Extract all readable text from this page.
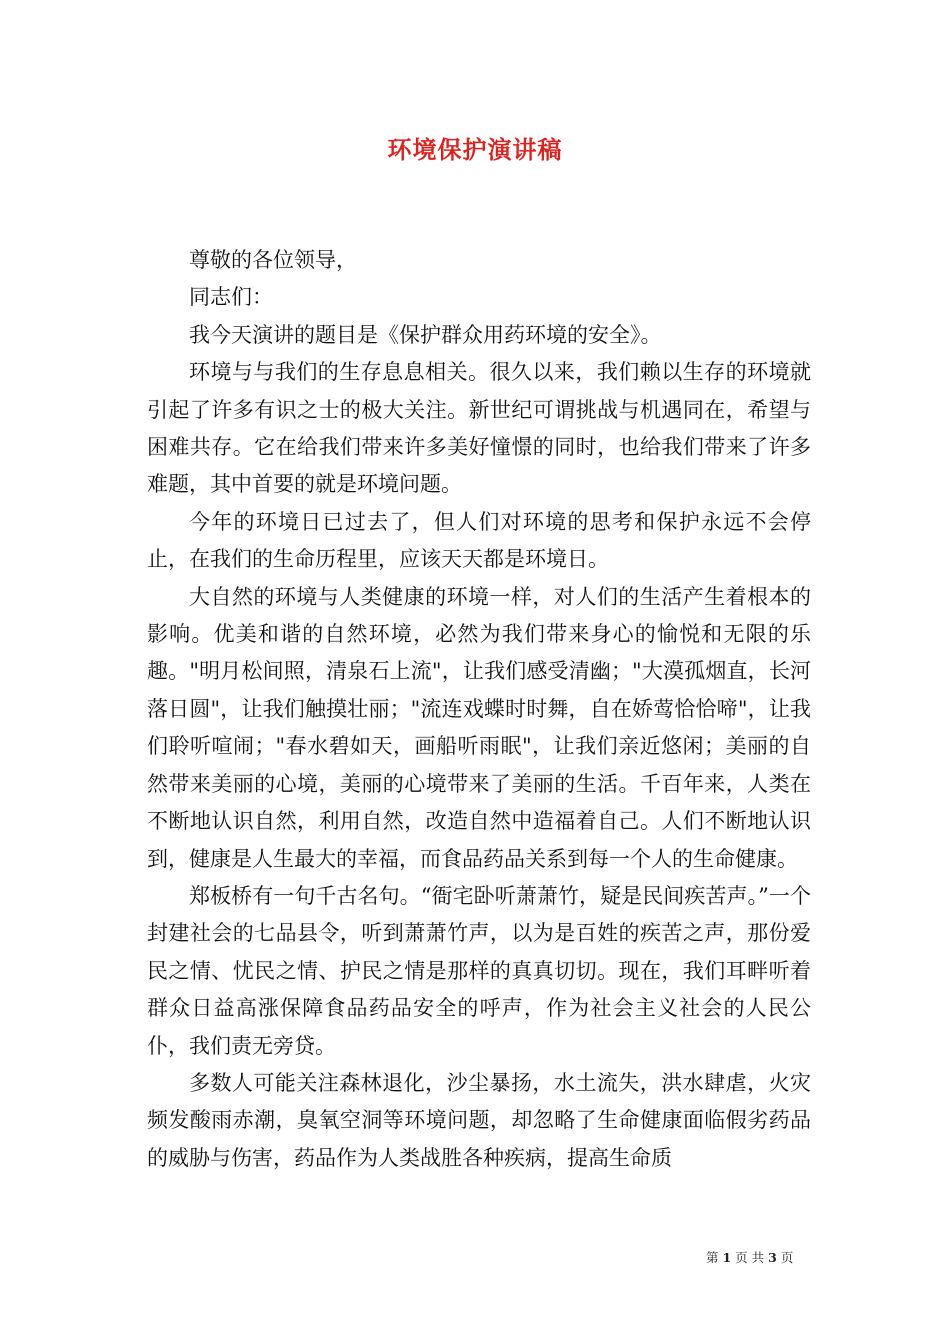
环境保护演讲稿

尊敬的各位领导，

同志们：

我今天演讲的题目是《保护群众用药环境的安全》。

环境与与我们的生存息息相关。很久以来，我们赖以生存的环境就引起了许多有识之士的极大关注。新世纪可谓挑战与机遇同在，希望与困难共存。它在给我们带来许多美好憧憬的同时，也给我们带来了许多难题，其中首要的就是环境问题。

今年的环境日已过去了，但人们对环境的思考和保护永远不会停止，在我们的生命历程里，应该天天都是环境日。

大自然的环境与人类健康的环境一样，对人们的生活产生着根本的影响。优美和谐的自然环境，必然为我们带来身心的愉悦和无限的乐趣。"明月松间照，清泉石上流"，让我们感受清幽；"大漠孤烟直，长河落日圆"，让我们触摸壮丽；"流连戏蝶时时舞，自在娇莺恰恰啼"，让我们聆听喧闹；"春水碧如天，画船听雨眠"，让我们亲近悠闲；美丽的自然带来美丽的心境，美丽的心境带来了美丽的生活。千百年来，人类在不断地认识自然，利用自然，改造自然中造福着自己。人们不断地认识到，健康是人生最大的幸福，而食品药品关系到每一个人的生命健康。

郑板桥有一句千古名句。“衙宅卧听萧萧竹，疑是民间疾苦声。”一个封建社会的七品县令，听到萧萧竹声，以为是百姓的疾苦之声，那份爱民之情、忧民之情、护民之情是那样的真真切切。现在，我们耳畔听着群众日益高涨保障食品药品安全的呼声，作为社会主义社会的人民公仆，我们责无旁贷。

多数人可能关注森林退化，沙尘暴扬，水土流失，洪水肆虐，火灾频发酸雨赤潮，臭氧空洞等环境问题，却忽略了生命健康面临假劣药品的威胁与伤害，药品作为人类战胜各种疾病，提高生命质

第 1 页 共 3 页
